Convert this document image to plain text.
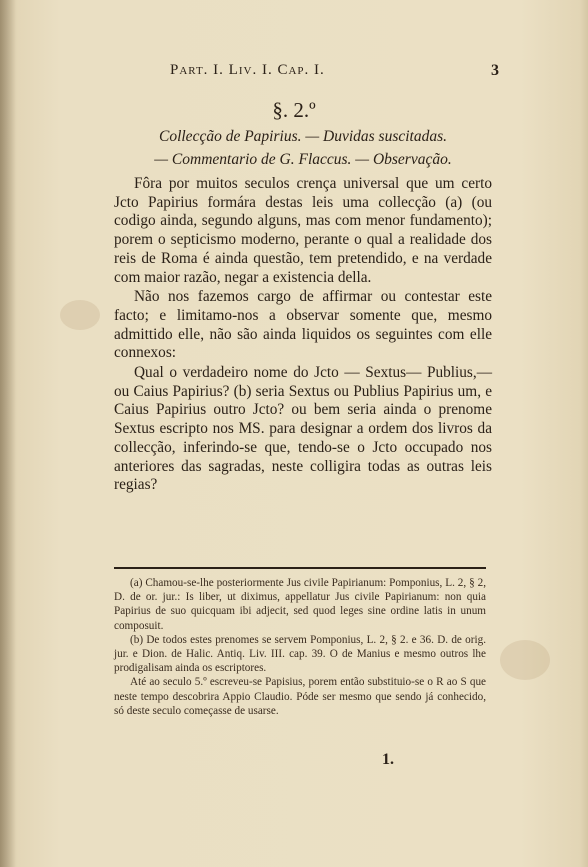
Part. I. Liv. I. Cap. I.	3
§. 2.º
Collecção de Papirius. — Duvidas suscitadas.
— Commentario de G. Flaccus. — Observação.

Fôra por muitos seculos crença universal que um certo Jcto Papirius formára destas leis uma collecção (a) (ou codigo ainda, segundo alguns, mas com menor fundamento); porem o septicismo moderno, perante o qual a realidade dos reis de Roma é ainda questão, tem pretendido, e na verdade com maior razão, negar a existencia della.

Não nos fazemos cargo de affirmar ou contestar este facto; e limitamo-nos a observar somente que, mesmo admittido elle, não são ainda liquidos os seguintes com elle connexos:

Qual o verdadeiro nome do Jcto — Sextus— Publius,—ou Caius Papirius? (b) seria Sextus ou Publius Papirius um, e Caius Papirius outro Jcto? ou bem seria ainda o prenome Sextus escripto nos MS. para designar a ordem dos livros da collecção, inferindo-se que, tendo-se o Jcto occupado nos anteriores das sagradas, neste colligira todas as outras leis regias?

(a) Chamou-se-lhe posteriormente Jus civile Papirianum: Pomponius, L. 2, § 2, D. de or. jur.: Is liber, ut diximus, appellatur Jus civile Papirianum: non quia Papirius de suo quicquam ibi adjecit, sed quod leges sine ordine latis in unum composuit.

(b) De todos estes prenomes se servem Pomponius, L. 2, § 2. e 36. D. de orig. jur. e Dion. de Halic. Antiq. Liv. III. cap. 39. O de Manius e mesmo outros lhe prodigalisam ainda os escriptores.

Até ao seculo 5.º escreveu-se Papisius, porem então substituio-se o R ao S que neste tempo descobrira Appio Claudio. Póde ser mesmo que sendo já conhecido, só deste seculo começasse de usarse.

1.
